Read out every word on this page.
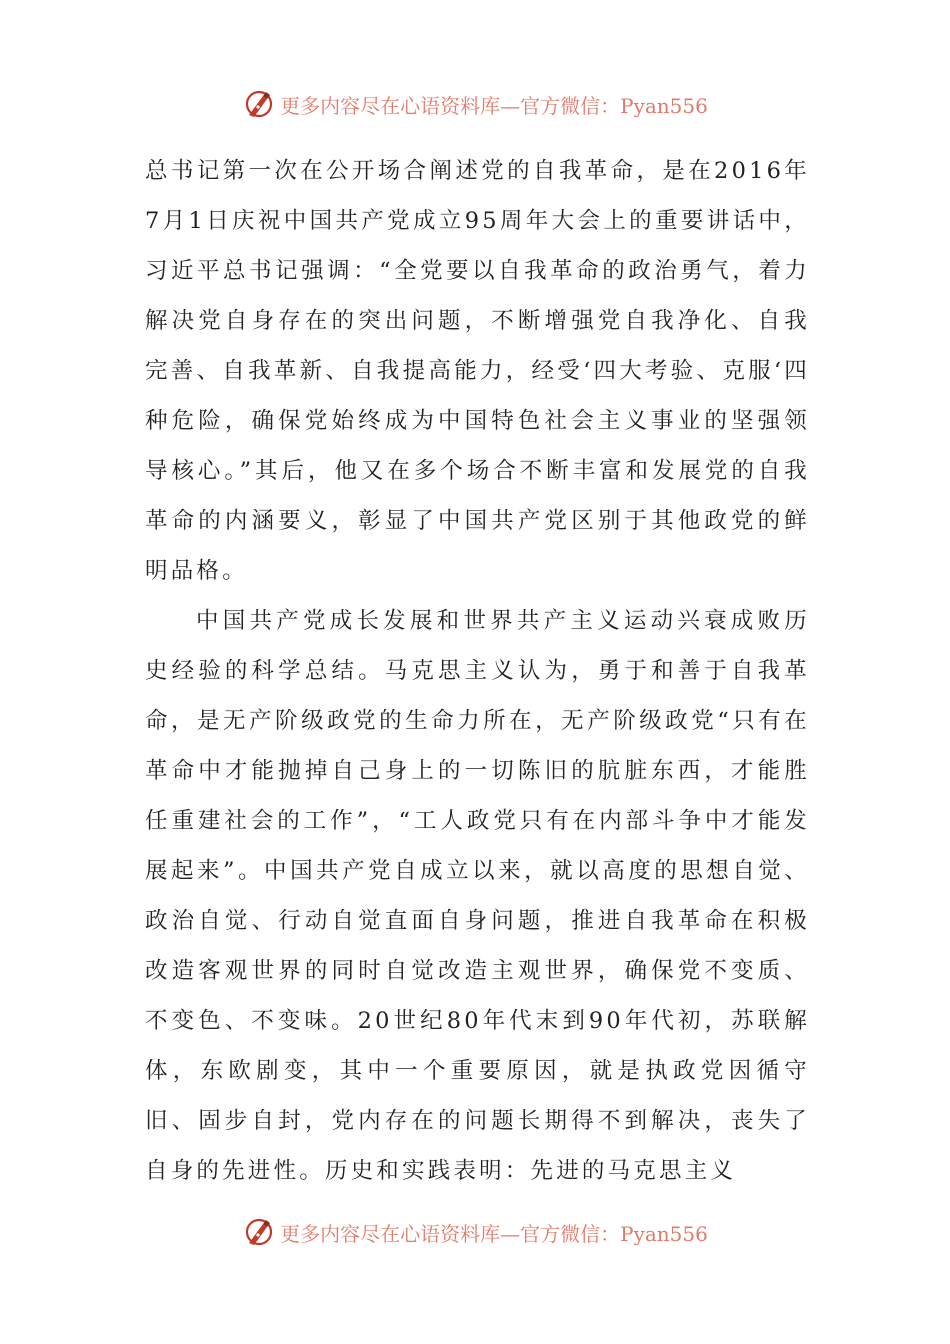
更多内容尽在心语资料库—官方微信：Pyan556

总书记第一次在公开场合阐述党的自我革命，是在2016年7月1日庆祝中国共产党成立95周年大会上的重要讲话中，习近平总书记强调：“全党要以自我革命的政治勇气，着力解决党自身存在的突出问题，不断增强党自我净化、自我完善、自我革新、自我提高能力，经受‘四大考验、克服‘四种危险，确保党始终成为中国特色社会主义事业的坚强领导核心。”其后，他又在多个场合不断丰富和发展党的自我革命的内涵要义，彰显了中国共产党区别于其他政党的鲜明品格。

中国共产党成长发展和世界共产主义运动兴衰成败历史经验的科学总结。马克思主义认为，勇于和善于自我革命，是无产阶级政党的生命力所在，无产阶级政党“只有在革命中才能抛掉自己身上的一切陈旧的肮脏东西，才能胜任重建社会的工作”，“工人政党只有在内部斗争中才能发展起来”。中国共产党自成立以来，就以高度的思想自觉、政治自觉、行动自觉直面自身问题，推进自我革命在积极改造客观世界的同时自觉改造主观世界，确保党不变质、不变色、不变味。20世纪80年代末到90年代初，苏联解体，东欧剧变，其中一个重要原因，就是执政党因循守旧、固步自封，党内存在的问题长期得不到解决，丧失了自身的先进性。历史和实践表明：先进的马克思主义

更多内容尽在心语资料库—官方微信：Pyan556
